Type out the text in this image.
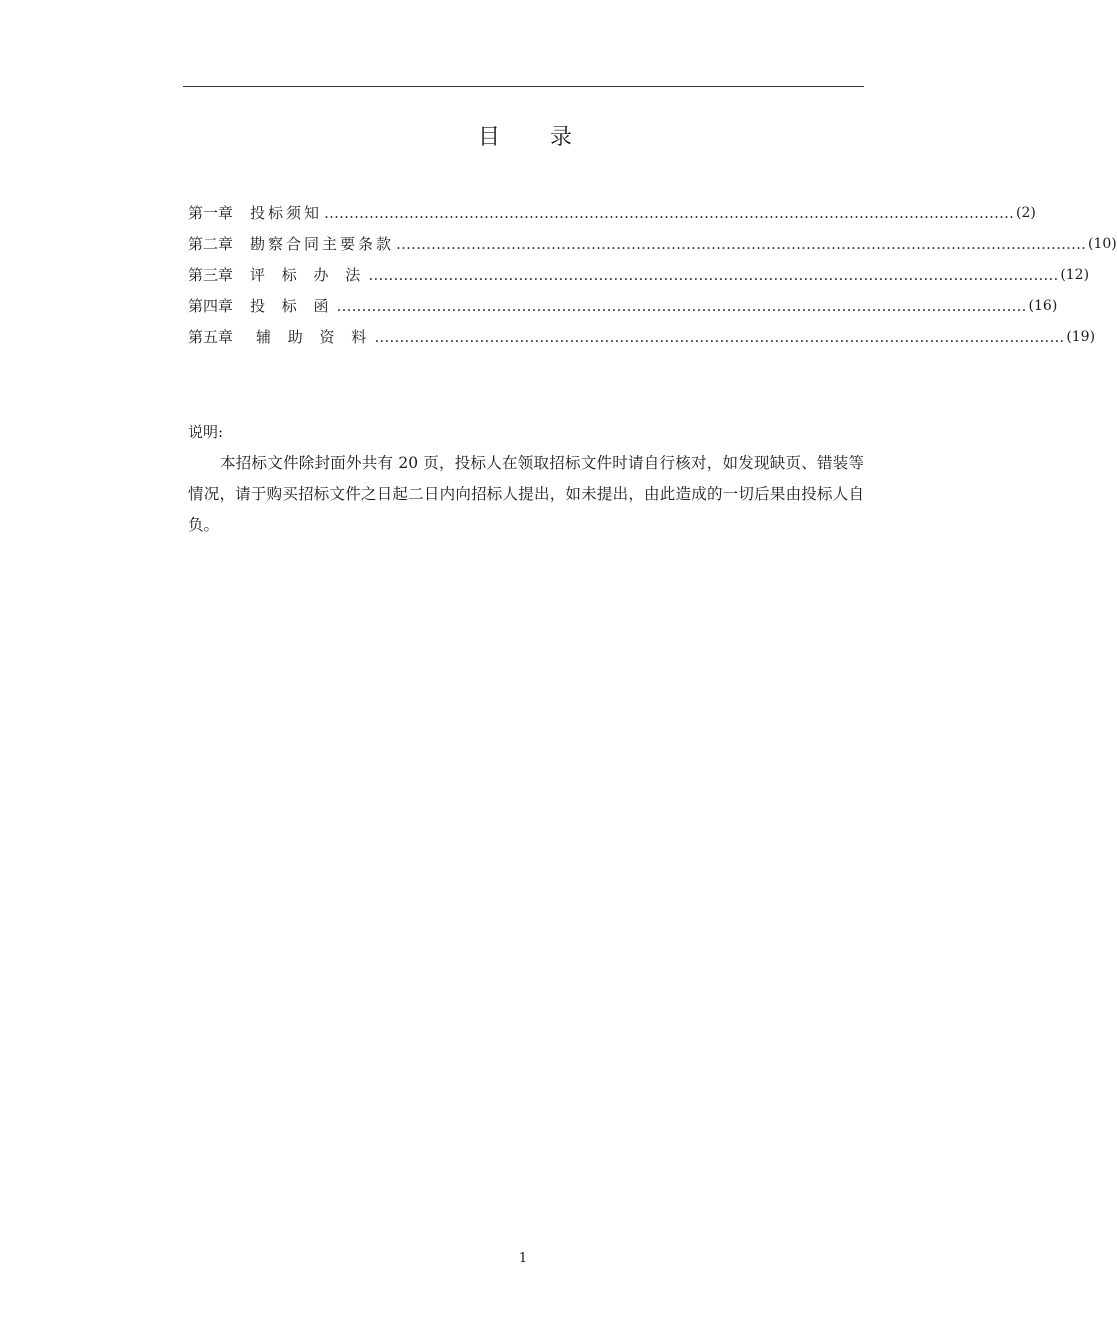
目 录
第一章	投标须知 ………………………………………………………………………………………………………………………… (2)
第二章	勘察合同主要条款 ………………………………………………………………………………………………………………………… (10)
第三章	评 标 办 法 ………………………………………………………………………………………………………………………… (12)
第四章	投 标 函 ………………………………………………………………………………………………………………………… (16)
第五章	辅 助 资 料 ………………………………………………………………………………………………………………………… (19)
说明:
本招标文件除封面外共有 20 页，投标人在领取招标文件时请自行核对，如发现缺页、错装等情况，请于购买招标文件之日起二日内向招标人提出，如未提出，由此造成的一切后果由投标人自负。
1
